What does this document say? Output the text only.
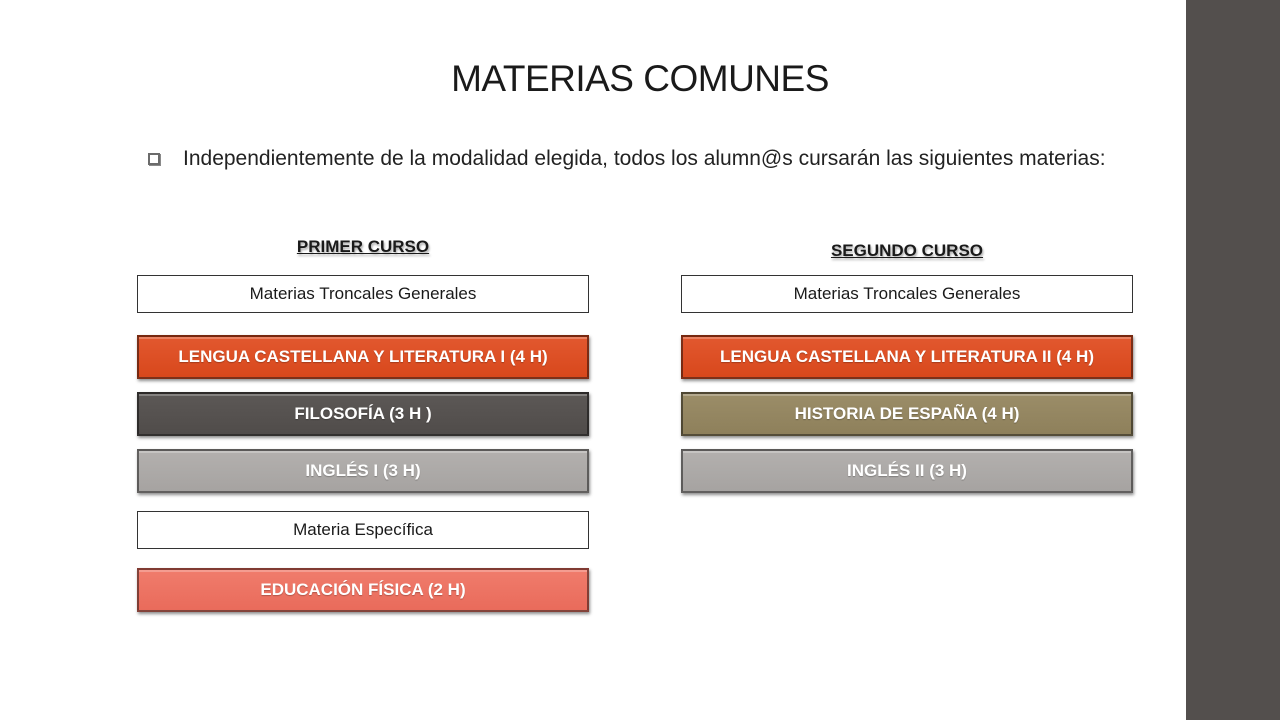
MATERIAS COMUNES
Independientemente de la modalidad elegida, todos los alumn@s cursarán las siguientes materias:
PRIMER CURSO
Materias Troncales Generales
LENGUA CASTELLANA Y LITERATURA I (4 H)
FILOSOFÍA (3 H )
INGLÉS I (3 H)
Materia Específica
EDUCACIÓN FÍSICA (2 H)
SEGUNDO CURSO
Materias Troncales Generales
LENGUA CASTELLANA Y LITERATURA II (4 H)
HISTORIA DE ESPAÑA (4 H)
INGLÉS II (3 H)
